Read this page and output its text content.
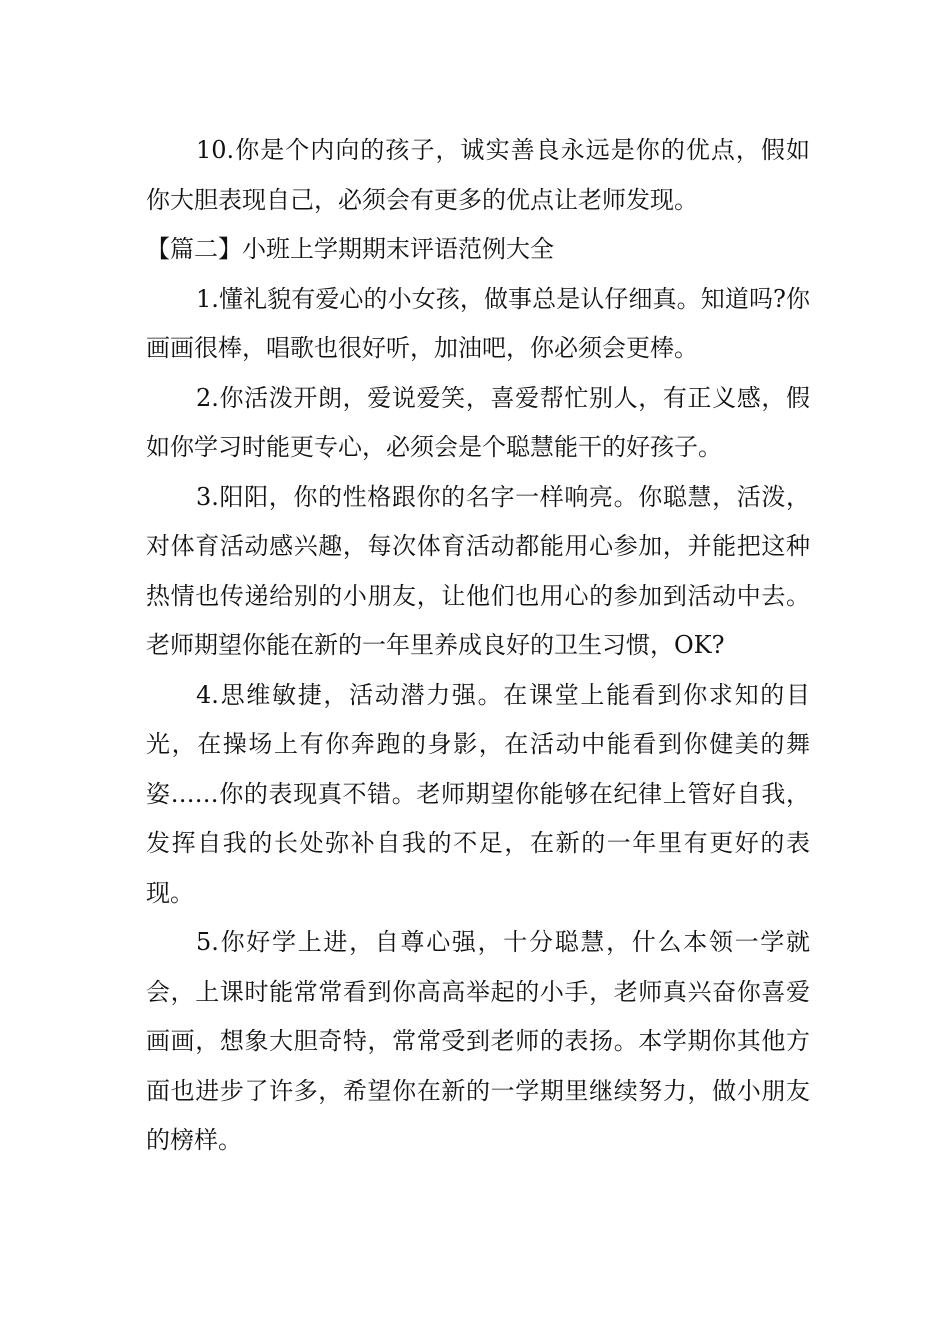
10.你是个内向的孩子，诚实善良永远是你的优点，假如你大胆表现自己，必须会有更多的优点让老师发现。

【篇二】小班上学期期末评语范例大全

1.懂礼貌有爱心的小女孩，做事总是认仔细真。知道吗?你画画很棒，唱歌也很好听，加油吧，你必须会更棒。

2.你活泼开朗，爱说爱笑，喜爱帮忙别人，有正义感，假如你学习时能更专心，必须会是个聪慧能干的好孩子。

3.阳阳，你的性格跟你的名字一样响亮。你聪慧，活泼，对体育活动感兴趣，每次体育活动都能用心参加，并能把这种热情也传递给别的小朋友，让他们也用心的参加到活动中去。老师期望你能在新的一年里养成良好的卫生习惯，OK?

4.思维敏捷，活动潜力强。在课堂上能看到你求知的目光，在操场上有你奔跑的身影，在活动中能看到你健美的舞姿……你的表现真不错。老师期望你能够在纪律上管好自我，发挥自我的长处弥补自我的不足，在新的一年里有更好的表现。

5.你好学上进，自尊心强，十分聪慧，什么本领一学就会，上课时能常常看到你高高举起的小手，老师真兴奋你喜爱画画，想象大胆奇特，常常受到老师的表扬。本学期你其他方面也进步了许多，希望你在新的一学期里继续努力，做小朋友的榜样。
